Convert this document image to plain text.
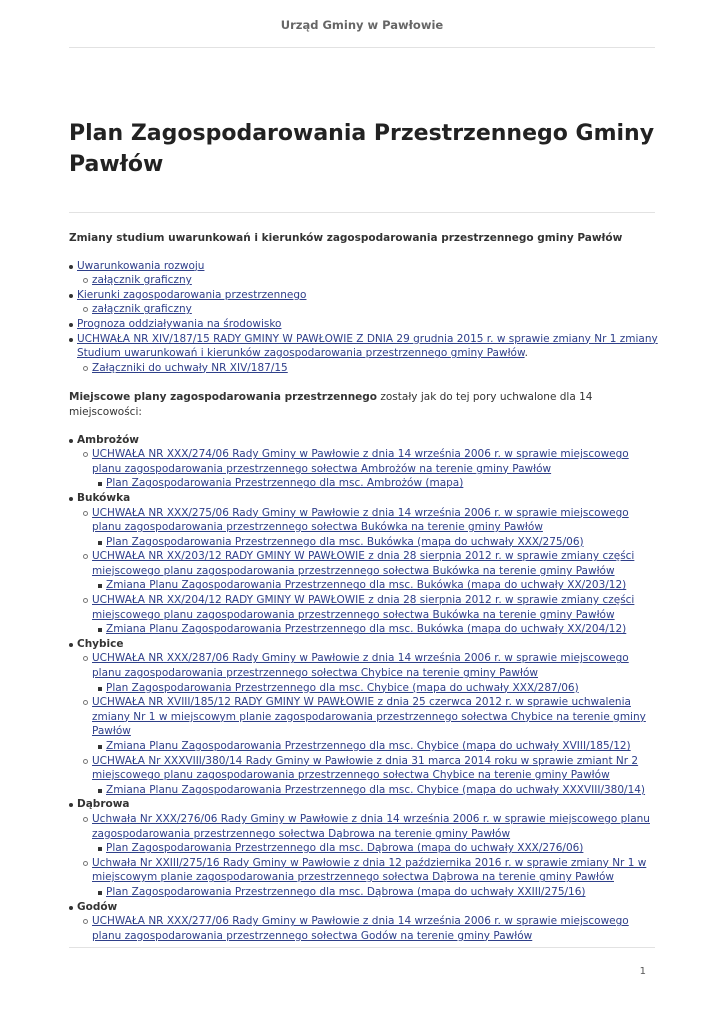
Urząd Gminy w Pawłowie
Plan Zagospodarowania Przestrzennego Gminy Pawłów

Zmiany studium uwarunkowań i kierunków zagospodarowania przestrzennego gminy Pawłów

Uwarunkowania rozwoju
załącznik graficzny
Kierunki zagospodarowania przestrzennego
załącznik graficzny
Prognoza oddziaływania na środowisko
UCHWAŁA NR XIV/187/15 RADY GMINY W PAWŁOWIE Z DNIA 29 grudnia 2015 r. w sprawie zmiany Nr 1 zmiany Studium uwarunkowań i kierunków zagospodarowania przestrzennego gminy Pawłów.
Załączniki do uchwały NR XIV/187/15

Miejscowe plany zagospodarowania przestrzennego zostały jak do tej pory uchwalone dla 14 miejscowości:

Ambrożów
UCHWAŁA NR XXX/274/06 Rady Gminy w Pawłowie z dnia 14 września 2006 r. w sprawie miejscowego planu zagospodarowania przestrzennego sołectwa Ambrożów na terenie gminy Pawłów
Plan Zagospodarowania Przestrzennego dla msc. Ambrożów (mapa)
Bukówka
UCHWAŁA NR XXX/275/06 Rady Gminy w Pawłowie z dnia 14 września 2006 r. w sprawie miejscowego planu zagospodarowania przestrzennego sołectwa Bukówka na terenie gminy Pawłów
Plan Zagospodarowania Przestrzennego dla msc. Bukówka (mapa do uchwały XXX/275/06)
UCHWAŁA NR XX/203/12 RADY GMINY W PAWŁOWIE z dnia 28 sierpnia 2012 r. w sprawie zmiany części miejscowego planu zagospodarowania przestrzennego sołectwa Bukówka na terenie gminy Pawłów
Zmiana Planu Zagospodarowania Przestrzennego dla msc. Bukówka (mapa do uchwały XX/203/12)
UCHWAŁA NR XX/204/12 RADY GMINY W PAWŁOWIE z dnia 28 sierpnia 2012 r. w sprawie zmiany części miejscowego planu zagospodarowania przestrzennego sołectwa Bukówka na terenie gminy Pawłów
Zmiana Planu Zagospodarowania Przestrzennego dla msc. Bukówka (mapa do uchwały XX/204/12)
Chybice
UCHWAŁA NR XXX/287/06 Rady Gminy w Pawłowie z dnia 14 września 2006 r. w sprawie miejscowego planu zagospodarowania przestrzennego sołectwa Chybice na terenie gminy Pawłów
Plan Zagospodarowania Przestrzennego dla msc. Chybice (mapa do uchwały XXX/287/06)
UCHWAŁA NR XVIII/185/12 RADY GMINY W PAWŁOWIE z dnia 25 czerwca 2012 r. w sprawie uchwalenia zmiany Nr 1 w miejscowym planie zagospodarowania przestrzennego sołectwa Chybice na terenie gminy Pawłów
Zmiana Planu Zagospodarowania Przestrzennego dla msc. Chybice (mapa do uchwały XVIII/185/12)
UCHWAŁA Nr XXXVIII/380/14 Rady Gminy w Pawłowie z dnia 31 marca 2014 roku w sprawie zmiant Nr 2 miejscowego planu zagospodarowania przestrzennego sołectwa Chybice na terenie gminy Pawłów
Zmiana Planu Zagospodarowania Przestrzennego dla msc. Chybice (mapa do uchwały XXXVIII/380/14)
Dąbrowa
Uchwała Nr XXX/276/06 Rady Gminy w Pawłowie z dnia 14 września 2006 r. w sprawie miejscowego planu zagospodarowania przestrzennego sołectwa Dąbrowa na terenie gminy Pawłów
Plan Zagospodarowania Przestrzennego dla msc. Dąbrowa (mapa do uchwały XXX/276/06)
Uchwała Nr XXIII/275/16 Rady Gminy w Pawłowie z dnia 12 października 2016 r. w sprawie zmiany Nr 1 w miejscowym planie zagospodarowania przestrzennego sołectwa Dąbrowa na terenie gminy Pawłów
Plan Zagospodarowania Przestrzennego dla msc. Dąbrowa (mapa do uchwały XXIII/275/16)
Godów
UCHWAŁA NR XXX/277/06 Rady Gminy w Pawłowie z dnia 14 września 2006 r. w sprawie miejscowego planu zagospodarowania przestrzennego sołectwa Godów na terenie gminy Pawłów
1
